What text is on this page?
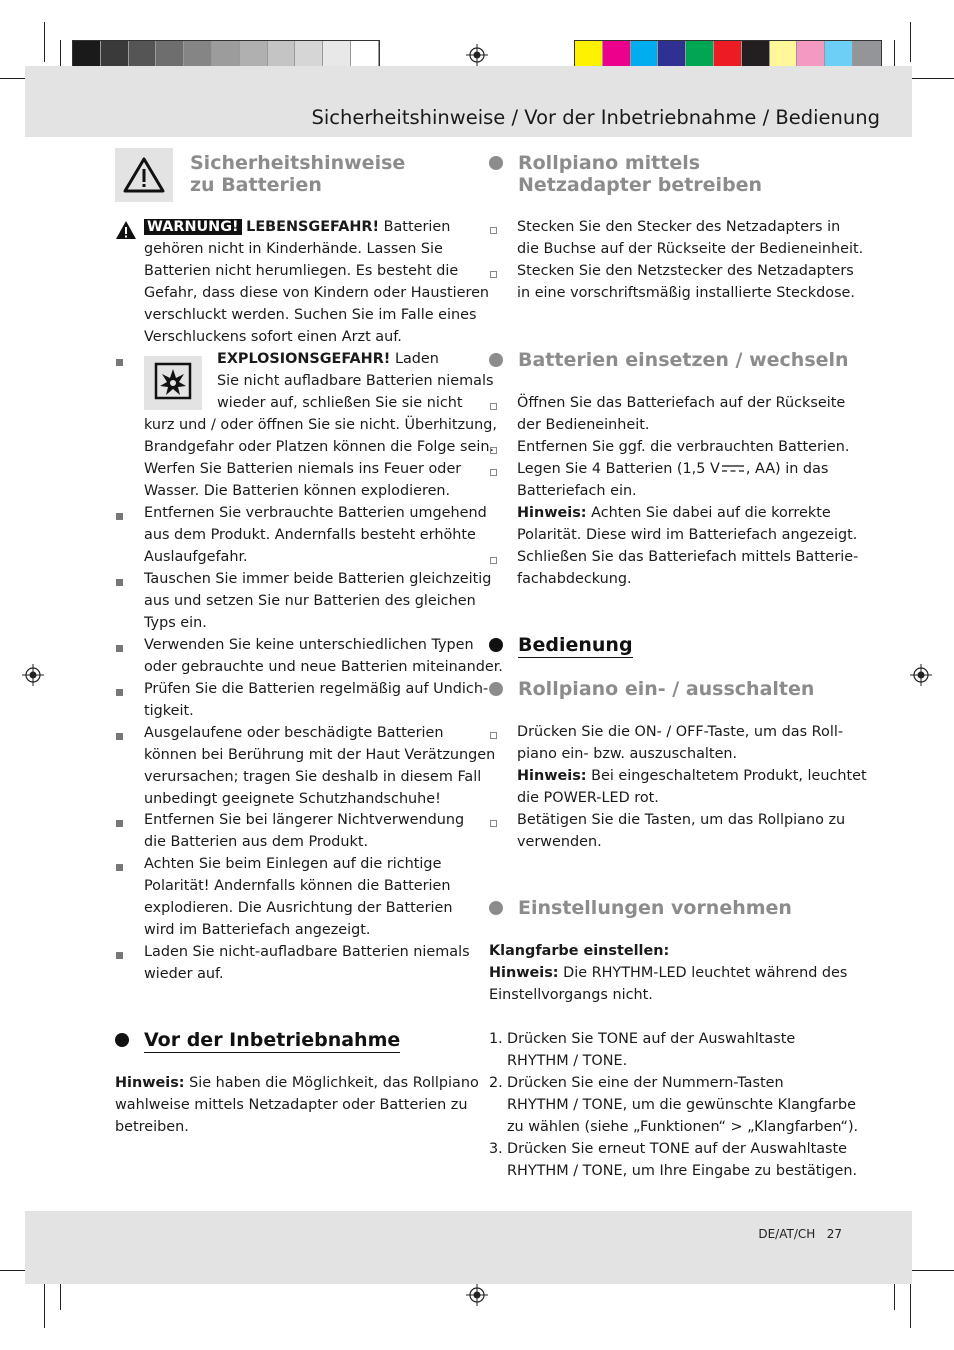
Sicherheitshinweise / Vor der Inbetriebnahme / Bedienung
Sicherheitshinweise
zu Batterien
WARNUNG! LEBENSGEFAHR! Batterien
gehören nicht in Kinderhände. Lassen Sie
Batterien nicht herumliegen. Es besteht die
Gefahr, dass diese von Kindern oder Haustieren
verschluckt werden. Suchen Sie im Falle eines
Verschluckens sofort einen Arzt auf.
EXPLOSIONSGEFAHR! Laden
Sie nicht aufladbare Batterien niemals
wieder auf, schließen Sie sie nicht
kurz und / oder öffnen Sie sie nicht. Überhitzung,
Brandgefahr oder Platzen können die Folge sein.
Werfen Sie Batterien niemals ins Feuer oder
Wasser. Die Batterien können explodieren.
Entfernen Sie verbrauchte Batterien umgehend
aus dem Produkt. Andernfalls besteht erhöhte
Auslaufgefahr.
Tauschen Sie immer beide Batterien gleichzeitig
aus und setzen Sie nur Batterien des gleichen
Typs ein.
Verwenden Sie keine unterschiedlichen Typen
oder gebrauchte und neue Batterien miteinander.
Prüfen Sie die Batterien regelmäßig auf Undich-
tigkeit.
Ausgelaufene oder beschädigte Batterien
können bei Berührung mit der Haut Verätzungen
verursachen; tragen Sie deshalb in diesem Fall
unbedingt geeignete Schutzhandschuhe!
Entfernen Sie bei längerer Nichtverwendung
die Batterien aus dem Produkt.
Achten Sie beim Einlegen auf die richtige
Polarität! Andernfalls können die Batterien
explodieren. Die Ausrichtung der Batterien
wird im Batteriefach angezeigt.
Laden Sie nicht-aufladbare Batterien niemals
wieder auf.
Vor der Inbetriebnahme
Hinweis: Sie haben die Möglichkeit, das Rollpiano
wahlweise mittels Netzadapter oder Batterien zu
betreiben.
Rollpiano mittels
Netzadapter betreiben
Stecken Sie den Stecker des Netzadapters in
die Buchse auf der Rückseite der Bedieneinheit.
Stecken Sie den Netzstecker des Netzadapters
in eine vorschriftsmäßig installierte Steckdose.
Batterien einsetzen / wechseln
Öffnen Sie das Batteriefach auf der Rückseite
der Bedieneinheit.
Entfernen Sie ggf. die verbrauchten Batterien.
Legen Sie 4 Batterien (1,5 V , AA) in das
Batteriefach ein.
Hinweis: Achten Sie dabei auf die korrekte
Polarität. Diese wird im Batteriefach angezeigt.
Schließen Sie das Batteriefach mittels Batterie-
fachabdeckung.
Bedienung
Rollpiano ein- / ausschalten
Drücken Sie die ON- / OFF-Taste, um das Roll-
piano ein- bzw. auszuschalten.
Hinweis: Bei eingeschaltetem Produkt, leuchtet
die POWER-LED rot.
Betätigen Sie die Tasten, um das Rollpiano zu
verwenden.
Einstellungen vornehmen
Klangfarbe einstellen:
Hinweis: Die RHYTHM-LED leuchtet während des
Einstellvorgangs nicht.
1. Drücken Sie TONE auf der Auswahltaste
RHYTHM / TONE.
2. Drücken Sie eine der Nummern-Tasten
RHYTHM / TONE, um die gewünschte Klangfarbe
zu wählen (siehe „Funktionen“ > „Klangfarben“).
3. Drücken Sie erneut TONE auf der Auswahltaste
RHYTHM / TONE, um Ihre Eingabe zu bestätigen.
DE/AT/CH 27
